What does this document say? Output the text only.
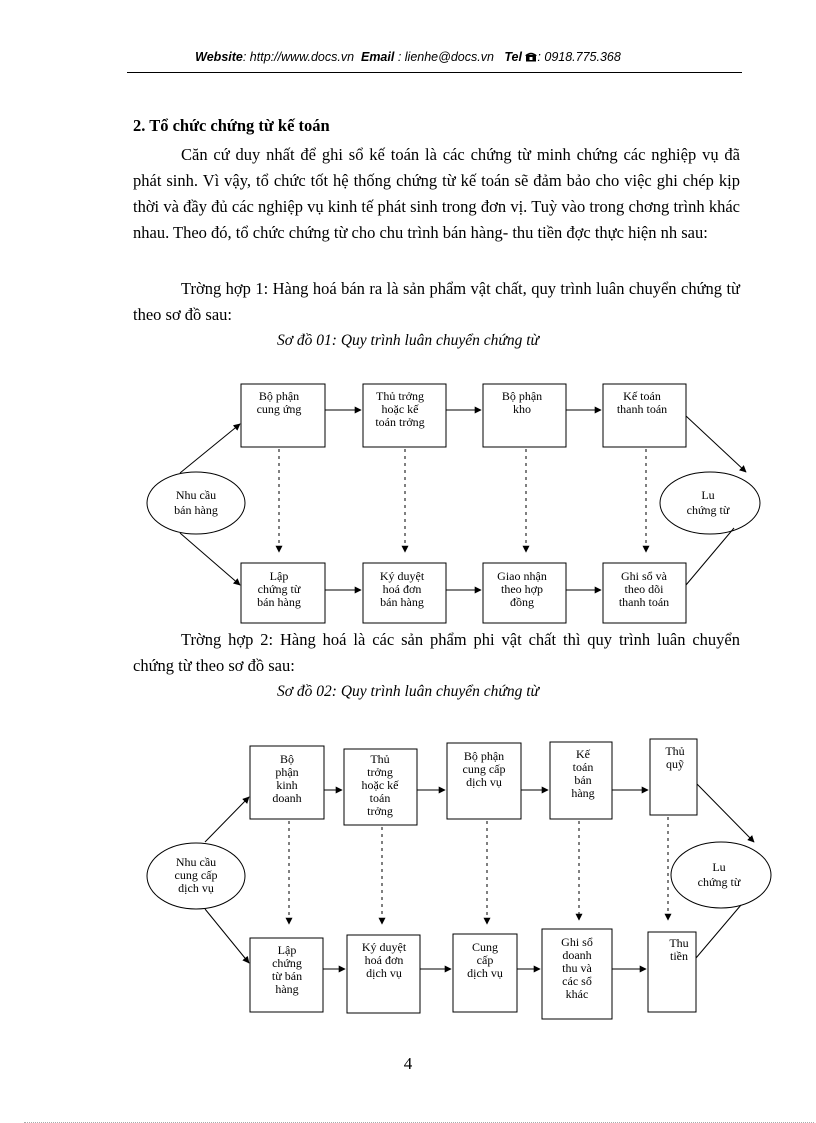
Website: http://www.docs.vn Email : lienhe@docs.vn Tel : 0918.775.368
2. Tổ chức chứng từ kế toán
Căn cứ duy nhất để ghi sổ kế toán là các chứng từ minh chứng các nghiệp vụ đã phát sinh. Vì vậy, tổ chức tốt hệ thống chứng từ kế toán sẽ đảm bảo cho việc ghi chép kịp thời và đầy đủ các nghiệp vụ kinh tế phát sinh trong đơn vị. Tuỳ vào trong chơng trình khác nhau. Theo đó, tổ chức chứng từ cho chu trình bán hàng- thu tiền đợc thực hiện nh sau:
Trờng hợp 1: Hàng hoá bán ra là sản phẩm vật chất, quy trình luân chuyển chứng từ theo sơ đồ sau:
Sơ đồ 01: Quy trình luân chuyển chứng từ
Nhu cầu
bán hàng
Lu
chứng từ
Bộ phận
cung ứng
Thủ trởng
hoặc kế
toán trởng
Bộ phận
kho
Kế toán
thanh toán
Lập
chứng từ
bán hàng
Ký duyệt
hoá đơn
bán hàng
Giao nhận
theo hợp
đồng
Ghi sổ và
theo dõi
thanh toán
Nhu cầu
cung cấp
dịch vụ
Lu
chứng từ
Bộ
phận
kinh
doanh
Thủ
trởng
hoặc kế
toán
trởng
Bộ phận
cung cấp
dịch vụ
Kế
toán
bán
hàng
Thủ
quỹ
Lập
chứng
từ bán
hàng
Ký duyệt
hoá đơn
dịch vụ
Cung
cấp
dịch vụ
Ghi sổ
doanh
thu và
các sổ
khác
Thu
tiền
Trờng hợp 2: Hàng hoá là các sản phẩm phi vật chất thì quy trình luân chuyển chứng từ theo sơ đồ sau:
Sơ đồ 02: Quy trình luân chuyển chứng từ
4
